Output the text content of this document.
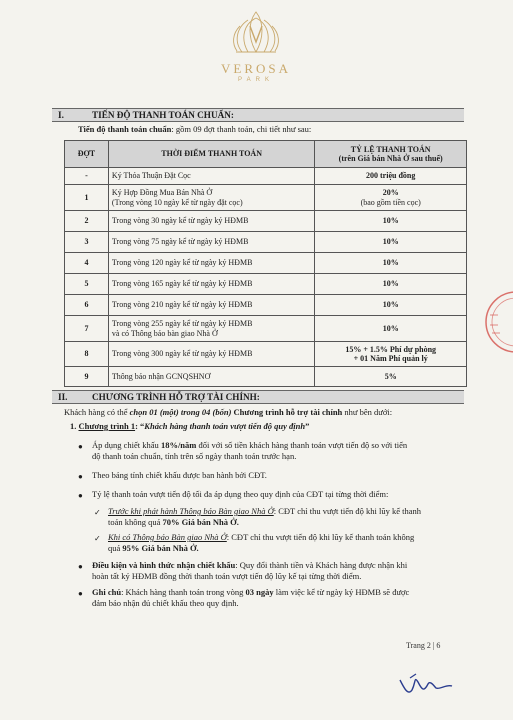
VEROSA
PARK
I.	TIẾN ĐỘ THANH TOÁN CHUẨN:
Tiến độ thanh toán chuẩn: gồm 09 đợt thanh toán, chi tiết như sau:
ĐỢT	THỜI ĐIỂM THANH TOÁN	TỶ LỆ THANH TOÁN
(trên Giá bán Nhà Ở sau thuế)
-	Ký Thỏa Thuận Đặt Cọc	200 triệu đồng
1	Ký Hợp Đồng Mua Bán Nhà Ở
(Trong vòng 10 ngày kể từ ngày đặt cọc)	20%
(bao gồm tiền cọc)
2	Trong vòng 30 ngày kể từ ngày ký HĐMB	10%
3	Trong vòng 75 ngày kể từ ngày ký HĐMB	10%
4	Trong vòng 120 ngày kể từ ngày ký HĐMB	10%
5	Trong vòng 165 ngày kể từ ngày ký HĐMB	10%
6	Trong vòng 210 ngày kể từ ngày ký HĐMB	10%
7	Trong vòng 255 ngày kể từ ngày ký HĐMB
và có Thông báo bàn giao Nhà Ở	10%
8	Trong vòng 300 ngày kể từ ngày ký HĐMB	15% + 1.5% Phí dự phòng
+ 01 Năm Phí quản lý
9	Thông báo nhận GCNQSHNƠ	5%
II.	CHƯƠNG TRÌNH HỖ TRỢ TÀI CHÍNH:
Khách hàng có thể chọn 01 (một) trong 04 (bốn) Chương trình hỗ trợ tài chính như bên dưới:
1. Chương trình 1: “Khách hàng thanh toán vượt tiến độ quy định”
● Áp dụng chiết khấu 18%/năm đối với số tiền khách hàng thanh toán vượt tiến độ so với tiến
độ thanh toán chuẩn, tính trên số ngày thanh toán trước hạn.
● Theo bảng tính chiết khấu được ban hành bởi CĐT.
● Tỷ lệ thanh toán vượt tiến độ tối đa áp dụng theo quy định của CĐT tại từng thời điểm:
✓ Trước khi phát hành Thông báo Bàn giao Nhà Ở: CĐT chỉ thu vượt tiến độ khi lũy kế thanh
toán không quá 70% Giá bán Nhà Ở.
✓ Khi có Thông báo Bàn giao Nhà Ở: CĐT chỉ thu vượt tiến độ khi lũy kế thanh toán không
quá 95% Giá bán Nhà Ở.
● Điều kiện và hình thức nhận chiết khấu: Quy đổi thành tiền và Khách hàng được nhận khi
hoàn tất ký HĐMB đồng thời thanh toán vượt tiến độ lũy kế tại từng thời điểm.
● Ghi chú: Khách hàng thanh toán trong vòng 03 ngày làm việc kể từ ngày ký HĐMB sẽ được
đảm bảo nhận đủ chiết khấu theo quy định.
Trang 2 | 6
